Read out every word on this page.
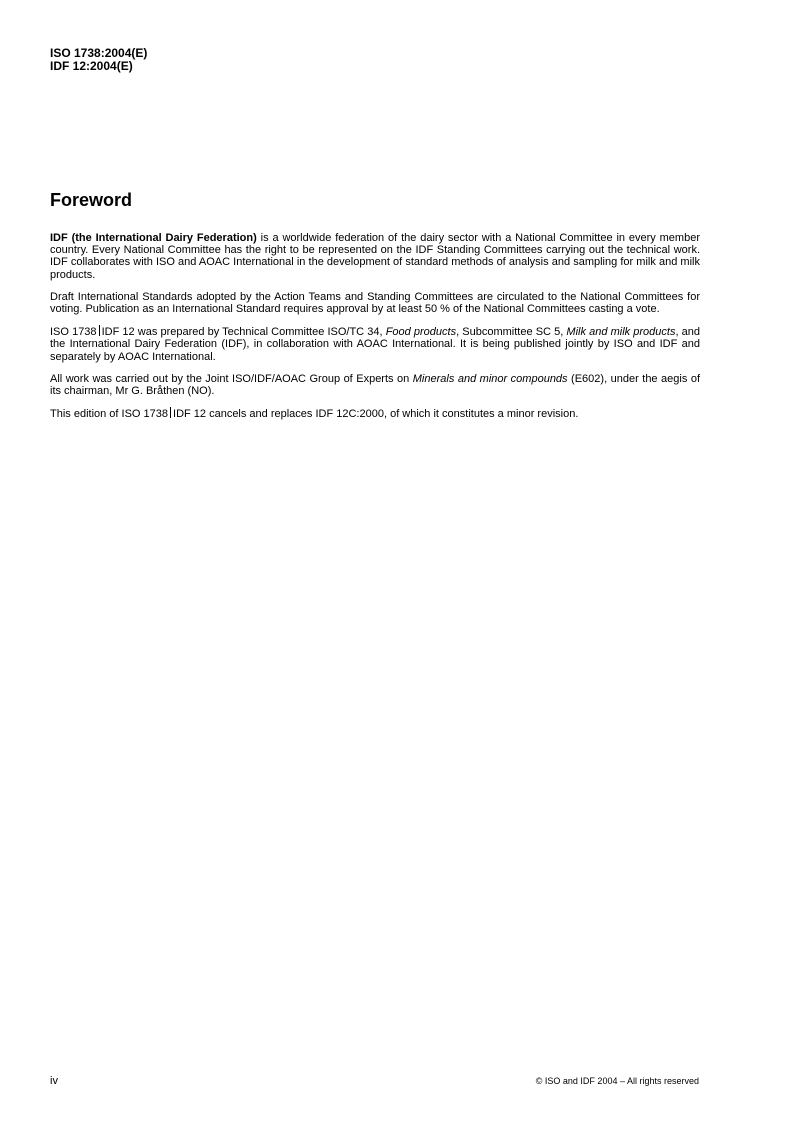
ISO 1738:2004(E)
IDF 12:2004(E)
Foreword

IDF (the International Dairy Federation) is a worldwide federation of the dairy sector with a National Committee in every member country. Every National Committee has the right to be represented on the IDF Standing Committees carrying out the technical work. IDF collaborates with ISO and AOAC International in the development of standard methods of analysis and sampling for milk and milk products.

Draft International Standards adopted by the Action Teams and Standing Committees are circulated to the National Committees for voting. Publication as an International Standard requires approval by at least 50 % of the National Committees casting a vote.

ISO 1738 IDF 12 was prepared by Technical Committee ISO/TC 34, Food products, Subcommittee SC 5, Milk and milk products, and the International Dairy Federation (IDF), in collaboration with AOAC International. It is being published jointly by ISO and IDF and separately by AOAC International.

All work was carried out by the Joint ISO/IDF/AOAC Group of Experts on Minerals and minor compounds (E602), under the aegis of its chairman, Mr G. Bråthen (NO).

This edition of ISO 1738 IDF 12 cancels and replaces IDF 12C:2000, of which it constitutes a minor revision.

iv	© ISO and IDF 2004 – All rights reserved
